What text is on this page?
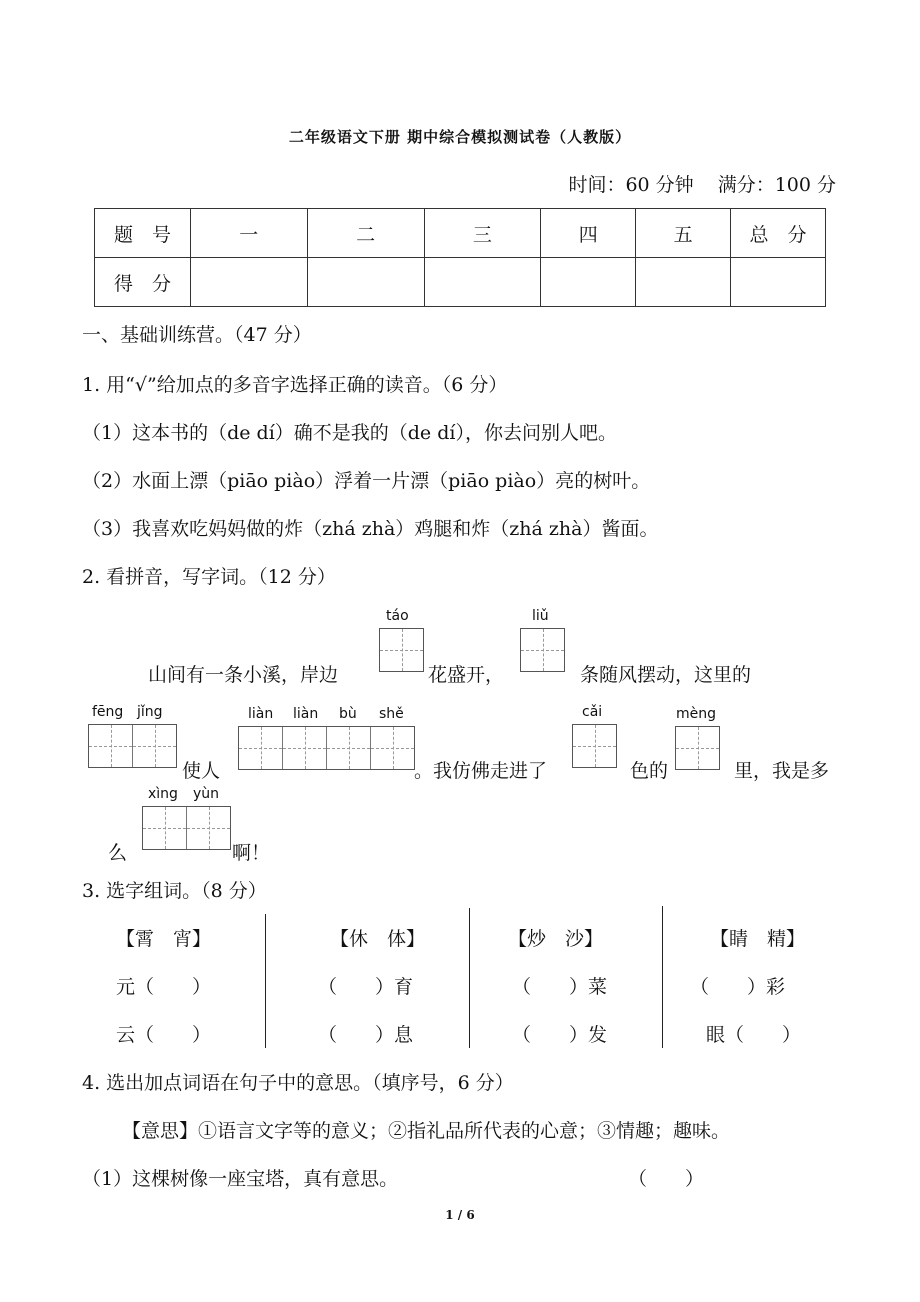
二年级语文下册 期中综合模拟测试卷（人教版）
时间：60 分钟 满分：100 分
题　号	一	二	三	四	五	总　分
得　分						
一、基础训练营。（47 分）
1. 用“√”给加点的多音字选择正确的读音。（6 分）
（1）这本书的（de dí）确不是我的（de dí），你去问别人吧。
（2）水面上漂（piāo piào）浮着一片漂（piāo piào）亮的树叶。
（3）我喜欢吃妈妈做的炸（zhá zhà）鸡腿和炸（zhá zhà）酱面。
2. 看拼音，写字词。（12 分）
山间有一条小溪，岸边
táo
花盛开，
liǔ
条随风摆动，这里的
fēng jǐng
使人
liàn liàn bù shě
。我仿佛走进了
cǎi
色的
mèng
里，我是多
xìng yùn
么	啊！
3. 选字组词。（8 分）
【霄　宵】
元（　　）
云（　　）
【休　体】
（　　）育
（　　）息
【炒　沙】
（　　）菜
（　　）发
【睛　精】
（　　）彩
眼（　　）
4. 选出加点词语在句子中的意思。（填序号，6 分）
【意思】①语言文字等的意义；②指礼品所代表的心意；③情趣；趣味。
（1）这棵树像一座宝塔，真有意思。	（　　）
1 / 6
